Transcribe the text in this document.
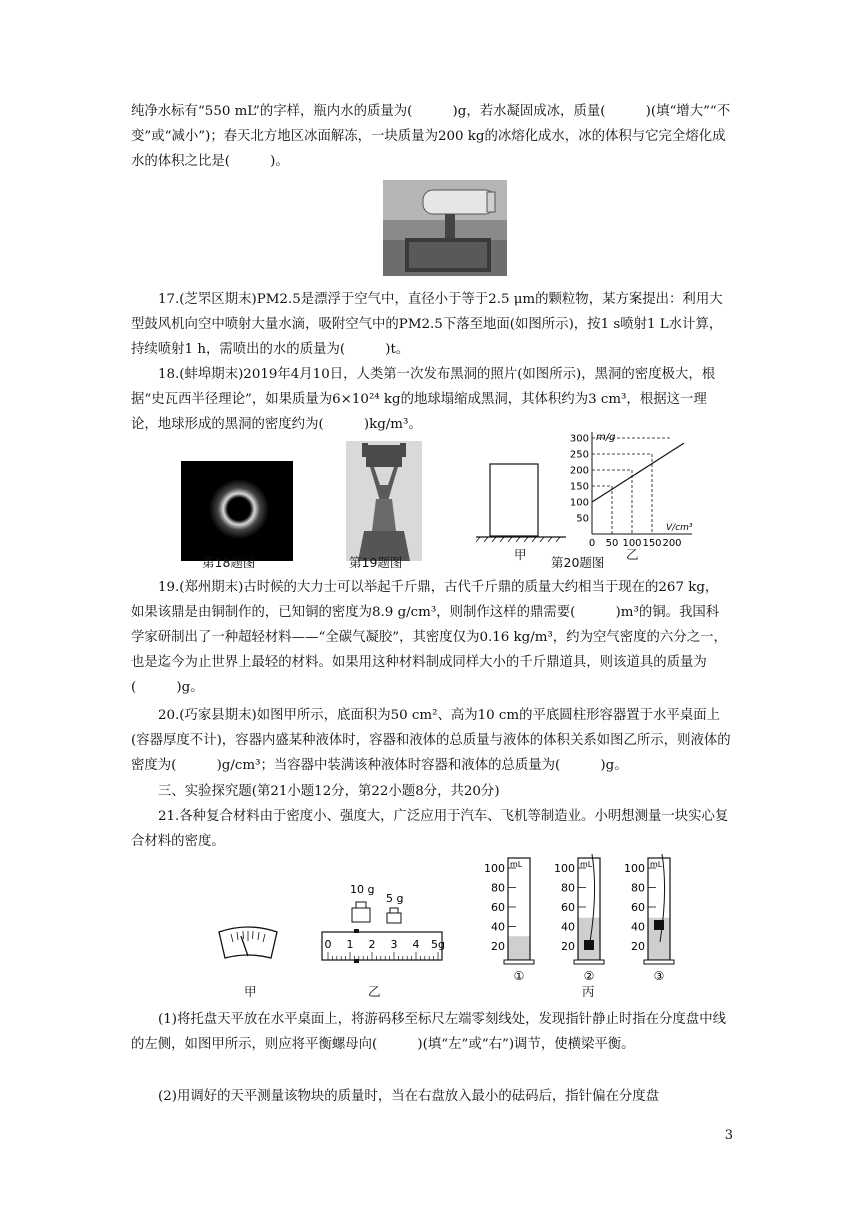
纯净水标有“550 mL”的字样，瓶内水的质量为(　　　)g，若水凝固成冰，质量(　　　)(填“增大”“不变”或“减小”)；春天北方地区冰面解冻，一块质量为200 kg的冰熔化成水，冰的体积与它完全熔化成水的体积之比是(　　　)。
17.(芝罘区期末)PM2.5是漂浮于空气中，直径小于等于2.5 μm的颗粒物，某方案提出：利用大型鼓风机向空中喷射大量水滴，吸附空气中的PM2.5下落至地面(如图所示)，按1 s喷射1 L水计算，持续喷射1 h，需喷出的水的质量为(　　　)t。
18.(蚌埠期末)2019年4月10日，人类第一次发布黑洞的照片(如图所示)，黑洞的密度极大，根据“史瓦西半径理论”，如果质量为6×10²⁴ kg的地球塌缩成黑洞，其体积约为3 cm³，根据这一理论，地球形成的黑洞的密度约为(　　　)kg/m³。
第18题图	第19题图
甲
第20题图
乙
m/g
V/cm³
50
100
150
200
250
300
0 50 100 150 200
19.(郑州期末)古时候的大力士可以举起千斤鼎，古代千斤鼎的质量大约相当于现在的267 kg，如果该鼎是由铜制作的，已知铜的密度为8.9 g/cm³，则制作这样的鼎需要(　　　)m³的铜。我国科学家研制出了一种超轻材料——“全碳气凝胶”，其密度仅为0.16 kg/m³，约为空气密度的六分之一，也是迄今为止世界上最轻的材料。如果用这种材料制成同样大小的千斤鼎道具，则该道具的质量为(　　　)g。
20.(巧家县期末)如图甲所示，底面积为50 cm²、高为10 cm的平底圆柱形容器置于水平桌面上(容器厚度不计)，容器内盛某种液体时，容器和液体的总质量与液体的体积关系如图乙所示，则液体的密度为(　　　)g/cm³；当容器中装满该种液体时容器和液体的总质量为(　　　)g。
三、实验探究题(第21小题12分，第22小题8分，共20分)
21.各种复合材料由于密度小、强度大，广泛应用于汽车、飞机等制造业。小明想测量一块实心复合材料的密度。
甲
10 g
5 g
0 1 2 3 4 5g
乙
100
80
60
40
20
mL
①
100
80
60
40
20
mL
②
100
80
60
40
20
mL
③
丙
(1)将托盘天平放在水平桌面上，将游码移至标尺左端零刻线处，发现指针静止时指在分度盘中线的左侧，如图甲所示，则应将平衡螺母向(　　　)(填“左”或“右”)调节，使横梁平衡。
(2)用调好的天平测量该物块的质量时，当在右盘放入最小的砝码后，指针偏在分度盘
3
